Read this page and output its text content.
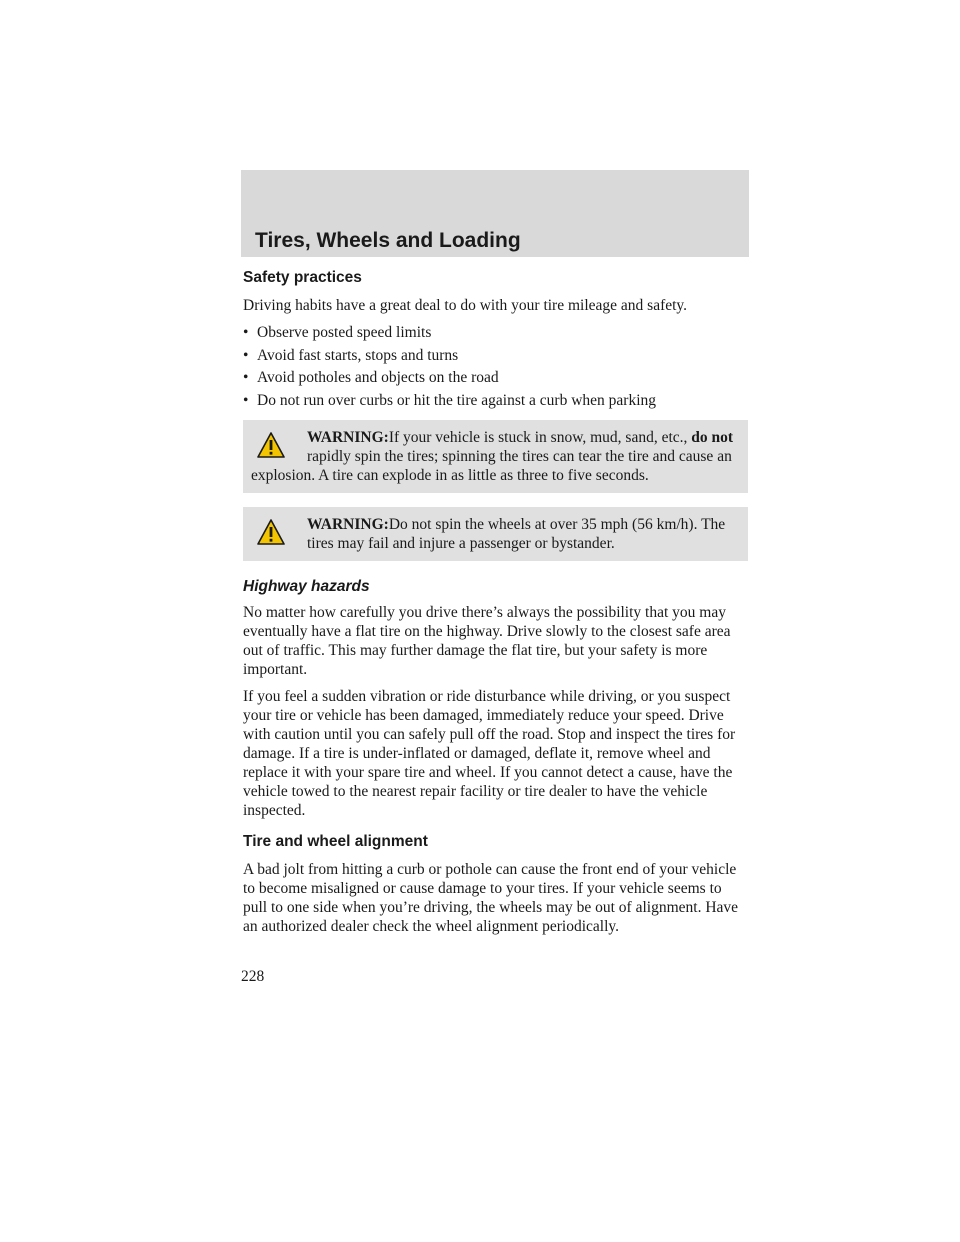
Tires, Wheels and Loading
Safety practices

Driving habits have a great deal to do with your tire mileage and safety.

• Observe posted speed limits
• Avoid fast starts, stops and turns
• Avoid potholes and objects on the road
• Do not run over curbs or hit the tire against a curb when parking
WARNING:If your vehicle is stuck in snow, mud, sand, etc., do not rapidly spin the tires; spinning the tires can tear the tire and cause an explosion. A tire can explode in as little as three to five seconds.
WARNING:Do not spin the wheels at over 35 mph (56 km/h). The tires may fail and injure a passenger or bystander.
Highway hazards

No matter how carefully you drive there’s always the possibility that you may eventually have a flat tire on the highway. Drive slowly to the closest safe area out of traffic. This may further damage the flat tire, but your safety is more important.

If you feel a sudden vibration or ride disturbance while driving, or you suspect your tire or vehicle has been damaged, immediately reduce your speed. Drive with caution until you can safely pull off the road. Stop and inspect the tires for damage. If a tire is under-inflated or damaged, deflate it, remove wheel and replace it with your spare tire and wheel. If you cannot detect a cause, have the vehicle towed to the nearest repair facility or tire dealer to have the vehicle inspected.

Tire and wheel alignment

A bad jolt from hitting a curb or pothole can cause the front end of your vehicle to become misaligned or cause damage to your tires. If your vehicle seems to pull to one side when you’re driving, the wheels may be out of alignment. Have an authorized dealer check the wheel alignment periodically.

228
